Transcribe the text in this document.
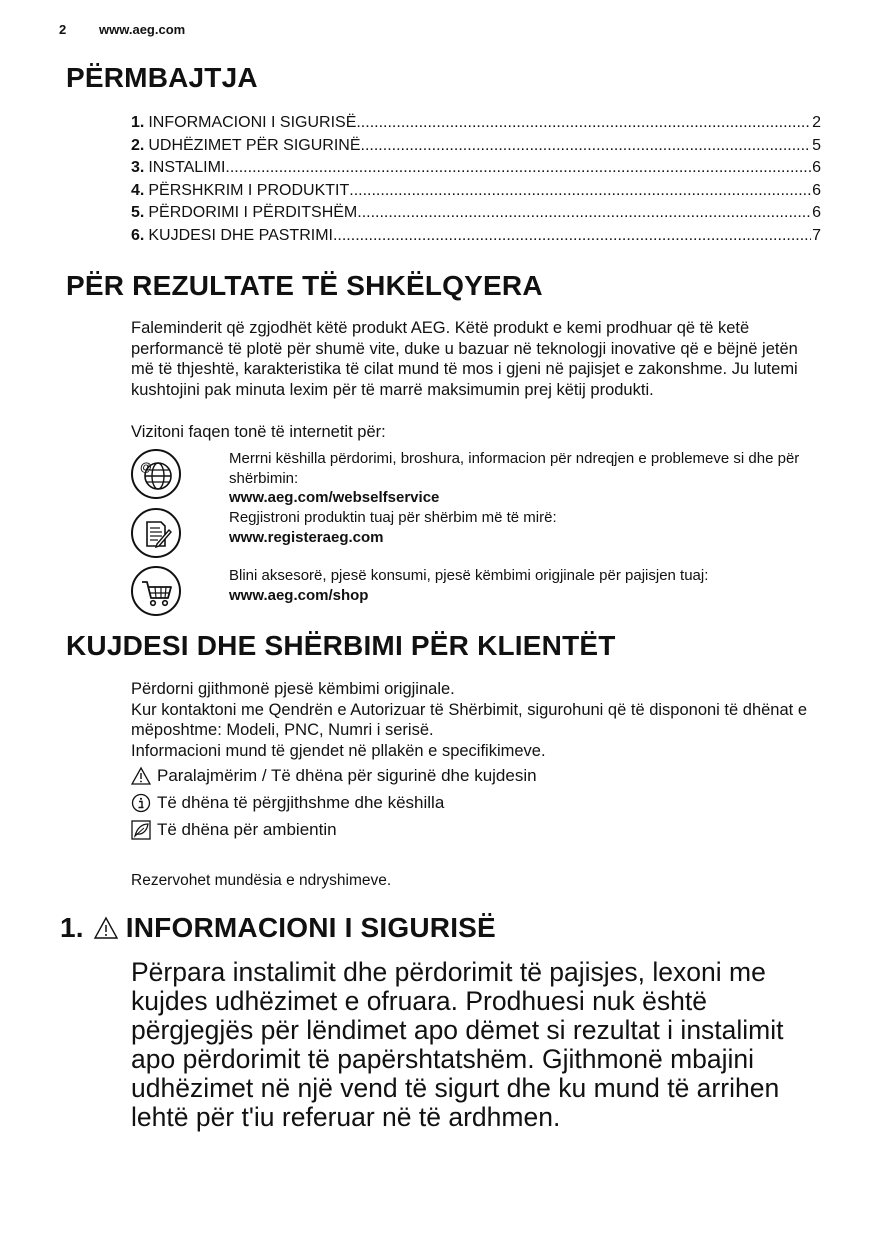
2	www.aeg.com
PËRMBAJTJA
1. INFORMACIONI I SIGURISË .....	2
2. UDHËZIMET PËR SIGURINË .....	5
3. INSTALIMI .....	6
4. PËRSHKRIM I PRODUKTIT .....	6
5. PËRDORIMI I PËRDITSHËM .....	6
6. KUJDESI DHE PASTRIMI .....	7
PËR REZULTATE TË SHKËLQYERA
Faleminderit që zgjodhët këtë produkt AEG. Këtë produkt e kemi prodhuar që të ketë performancë të plotë për shumë vite, duke u bazuar në teknologji inovative që e bëjnë jetën më të thjeshtë, karakteristika të cilat mund të mos i gjeni në pajisjet e zakonshme. Ju lutemi kushtojini pak minuta lexim për të marrë maksimumin prej këtij produkti.
Vizitoni faqen tonë të internetit për:
@	Merrni këshilla përdorimi, broshura, informacion për ndreqjen e problemeve si dhe për shërbimin:
www.aeg.com/webselfservice
Regjistroni produktin tuaj për shërbim më të mirë:
www.registeraeg.com
Blini aksesorë, pjesë konsumi, pjesë këmbimi origjinale për pajisjen tuaj:
www.aeg.com/shop
KUJDESI DHE SHËRBIMI PËR KLIENTËT
Përdorni gjithmonë pjesë këmbimi origjinale.
Kur kontaktoni me Qendrën e Autorizuar të Shërbimit, sigurohuni që të dispononi të dhënat e mëposhtme: Modeli, PNC, Numri i serisë.
Informacioni mund të gjendet në pllakën e specifikimeve.
Paralajmërim / Të dhëna për sigurinë dhe kujdesin
Të dhëna të përgjithshme dhe këshilla
Të dhëna për ambientin
Rezervohet mundësia e ndryshimeve.
1. INFORMACIONI I SIGURISË
Përpara instalimit dhe përdorimit të pajisjes, lexoni me kujdes udhëzimet e ofruara. Prodhuesi nuk është përgjegjës për lëndimet apo dëmet si rezultat i instalimit apo përdorimit të papërshtatshëm. Gjithmonë mbajini udhëzimet në një vend të sigurt dhe ku mund të arrihen lehtë për t'iu referuar në të ardhmen.
